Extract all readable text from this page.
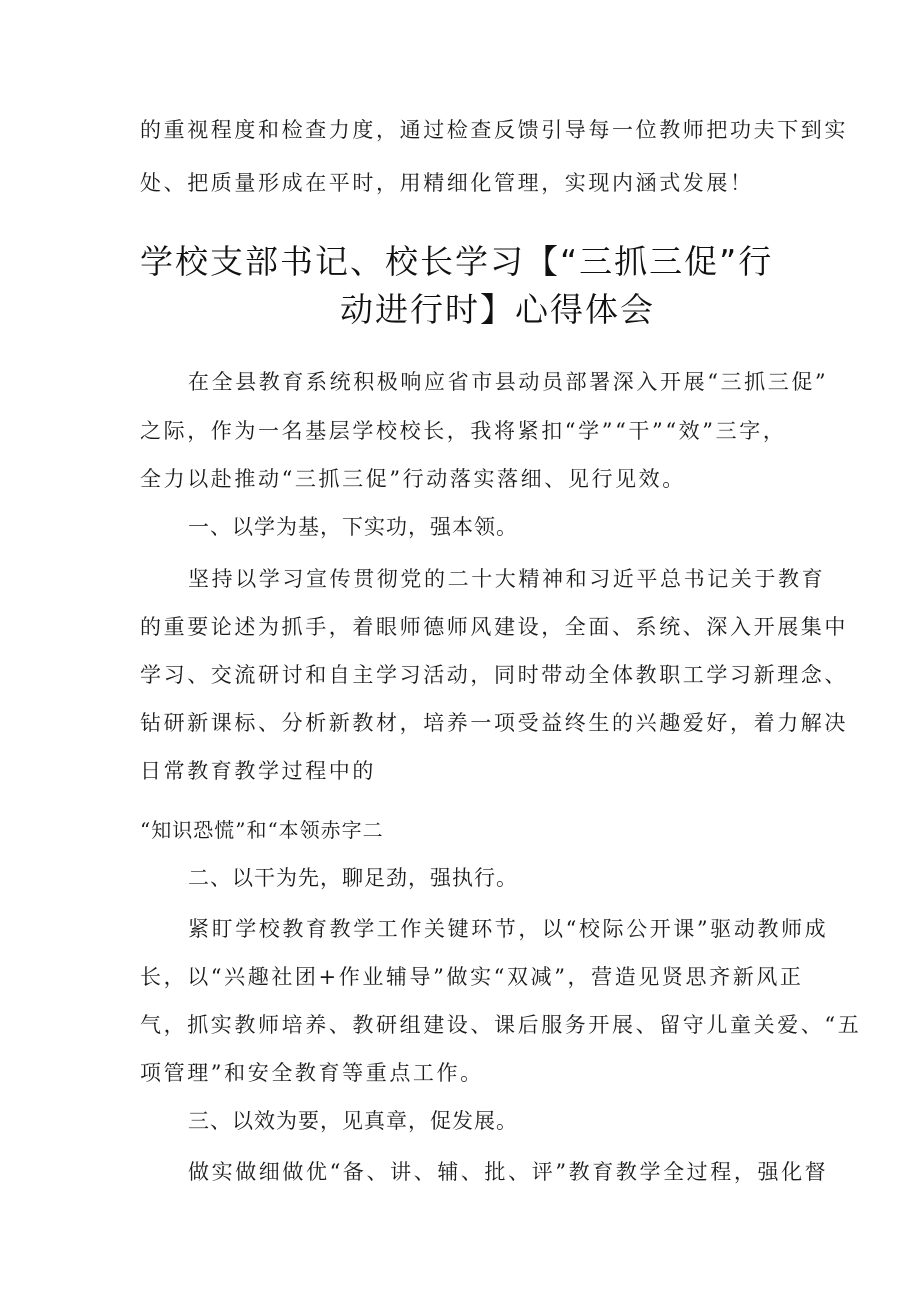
的重视程度和检查力度，通过检查反馈引导每一位教师把功夫下到实
处、把质量形成在平时，用精细化管理，实现内涵式发展！
学校支部书记、校长学习【“三抓三促”行
动进行时】心得体会
在全县教育系统积极响应省市县动员部署深入开展“三抓三促”
之际，作为一名基层学校校长，我将紧扣“学”“干”“效”三字，
全力以赴推动“三抓三促”行动落实落细、见行见效。
一、以学为基，下实功，强本领。
坚持以学习宣传贯彻党的二十大精神和习近平总书记关于教育
的重要论述为抓手，着眼师德师风建设，全面、系统、深入开展集中
学习、交流研讨和自主学习活动，同时带动全体教职工学习新理念、
钻研新课标、分析新教材，培养一项受益终生的兴趣爱好，着力解决
日常教育教学过程中的
“知识恐慌”和“本领赤字二
二、以干为先，聊足劲，强执行。
紧盯学校教育教学工作关键环节，以“校际公开课”驱动教师成
长，以“兴趣社团+作业辅导”做实“双减”，营造见贤思齐新风正
气，抓实教师培养、教研组建设、课后服务开展、留守儿童关爱、“五
项管理”和安全教育等重点工作。
三、以效为要，见真章，促发展。
做实做细做优“备、讲、辅、批、评”教育教学全过程，强化督
